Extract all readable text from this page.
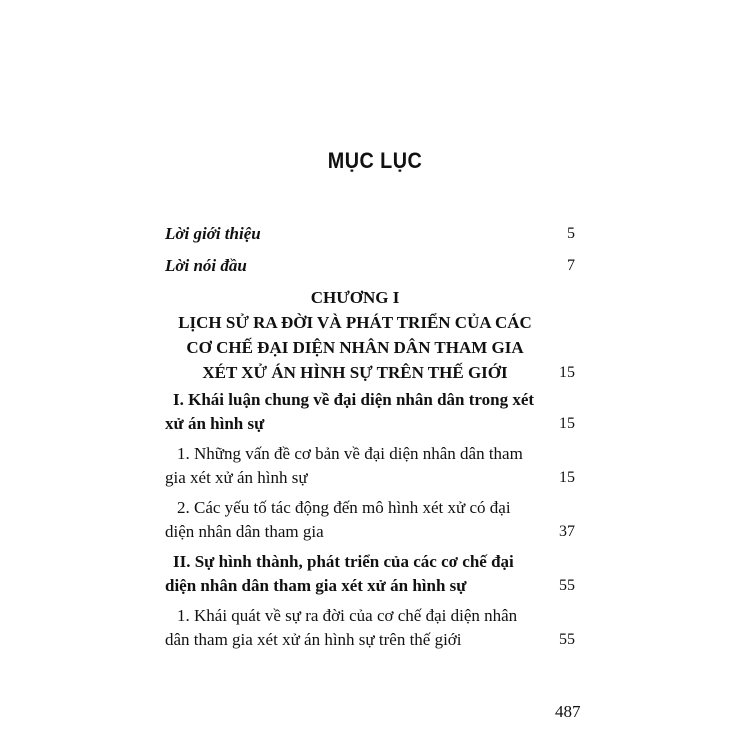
MỤC LỤC
Lời giới thiệu	5
Lời nói đầu	7
CHƯƠNG I
LỊCH SỬ RA ĐỜI VÀ PHÁT TRIỂN CỦA CÁC
CƠ CHẾ ĐẠI DIỆN NHÂN DÂN THAM GIA
XÉT XỬ ÁN HÌNH SỰ TRÊN THẾ GIỚI	15
I. Khái luận chung về đại diện nhân dân trong xét
xử án hình sự	15
1. Những vấn đề cơ bản về đại diện nhân dân tham
gia xét xử án hình sự	15
2. Các yếu tố tác động đến mô hình xét xử có đại
diện nhân dân tham gia	37
II. Sự hình thành, phát triển của các cơ chế đại
diện nhân dân tham gia xét xử án hình sự	55
1. Khái quát về sự ra đời của cơ chế đại diện nhân
dân tham gia xét xử án hình sự trên thế giới	55
487
